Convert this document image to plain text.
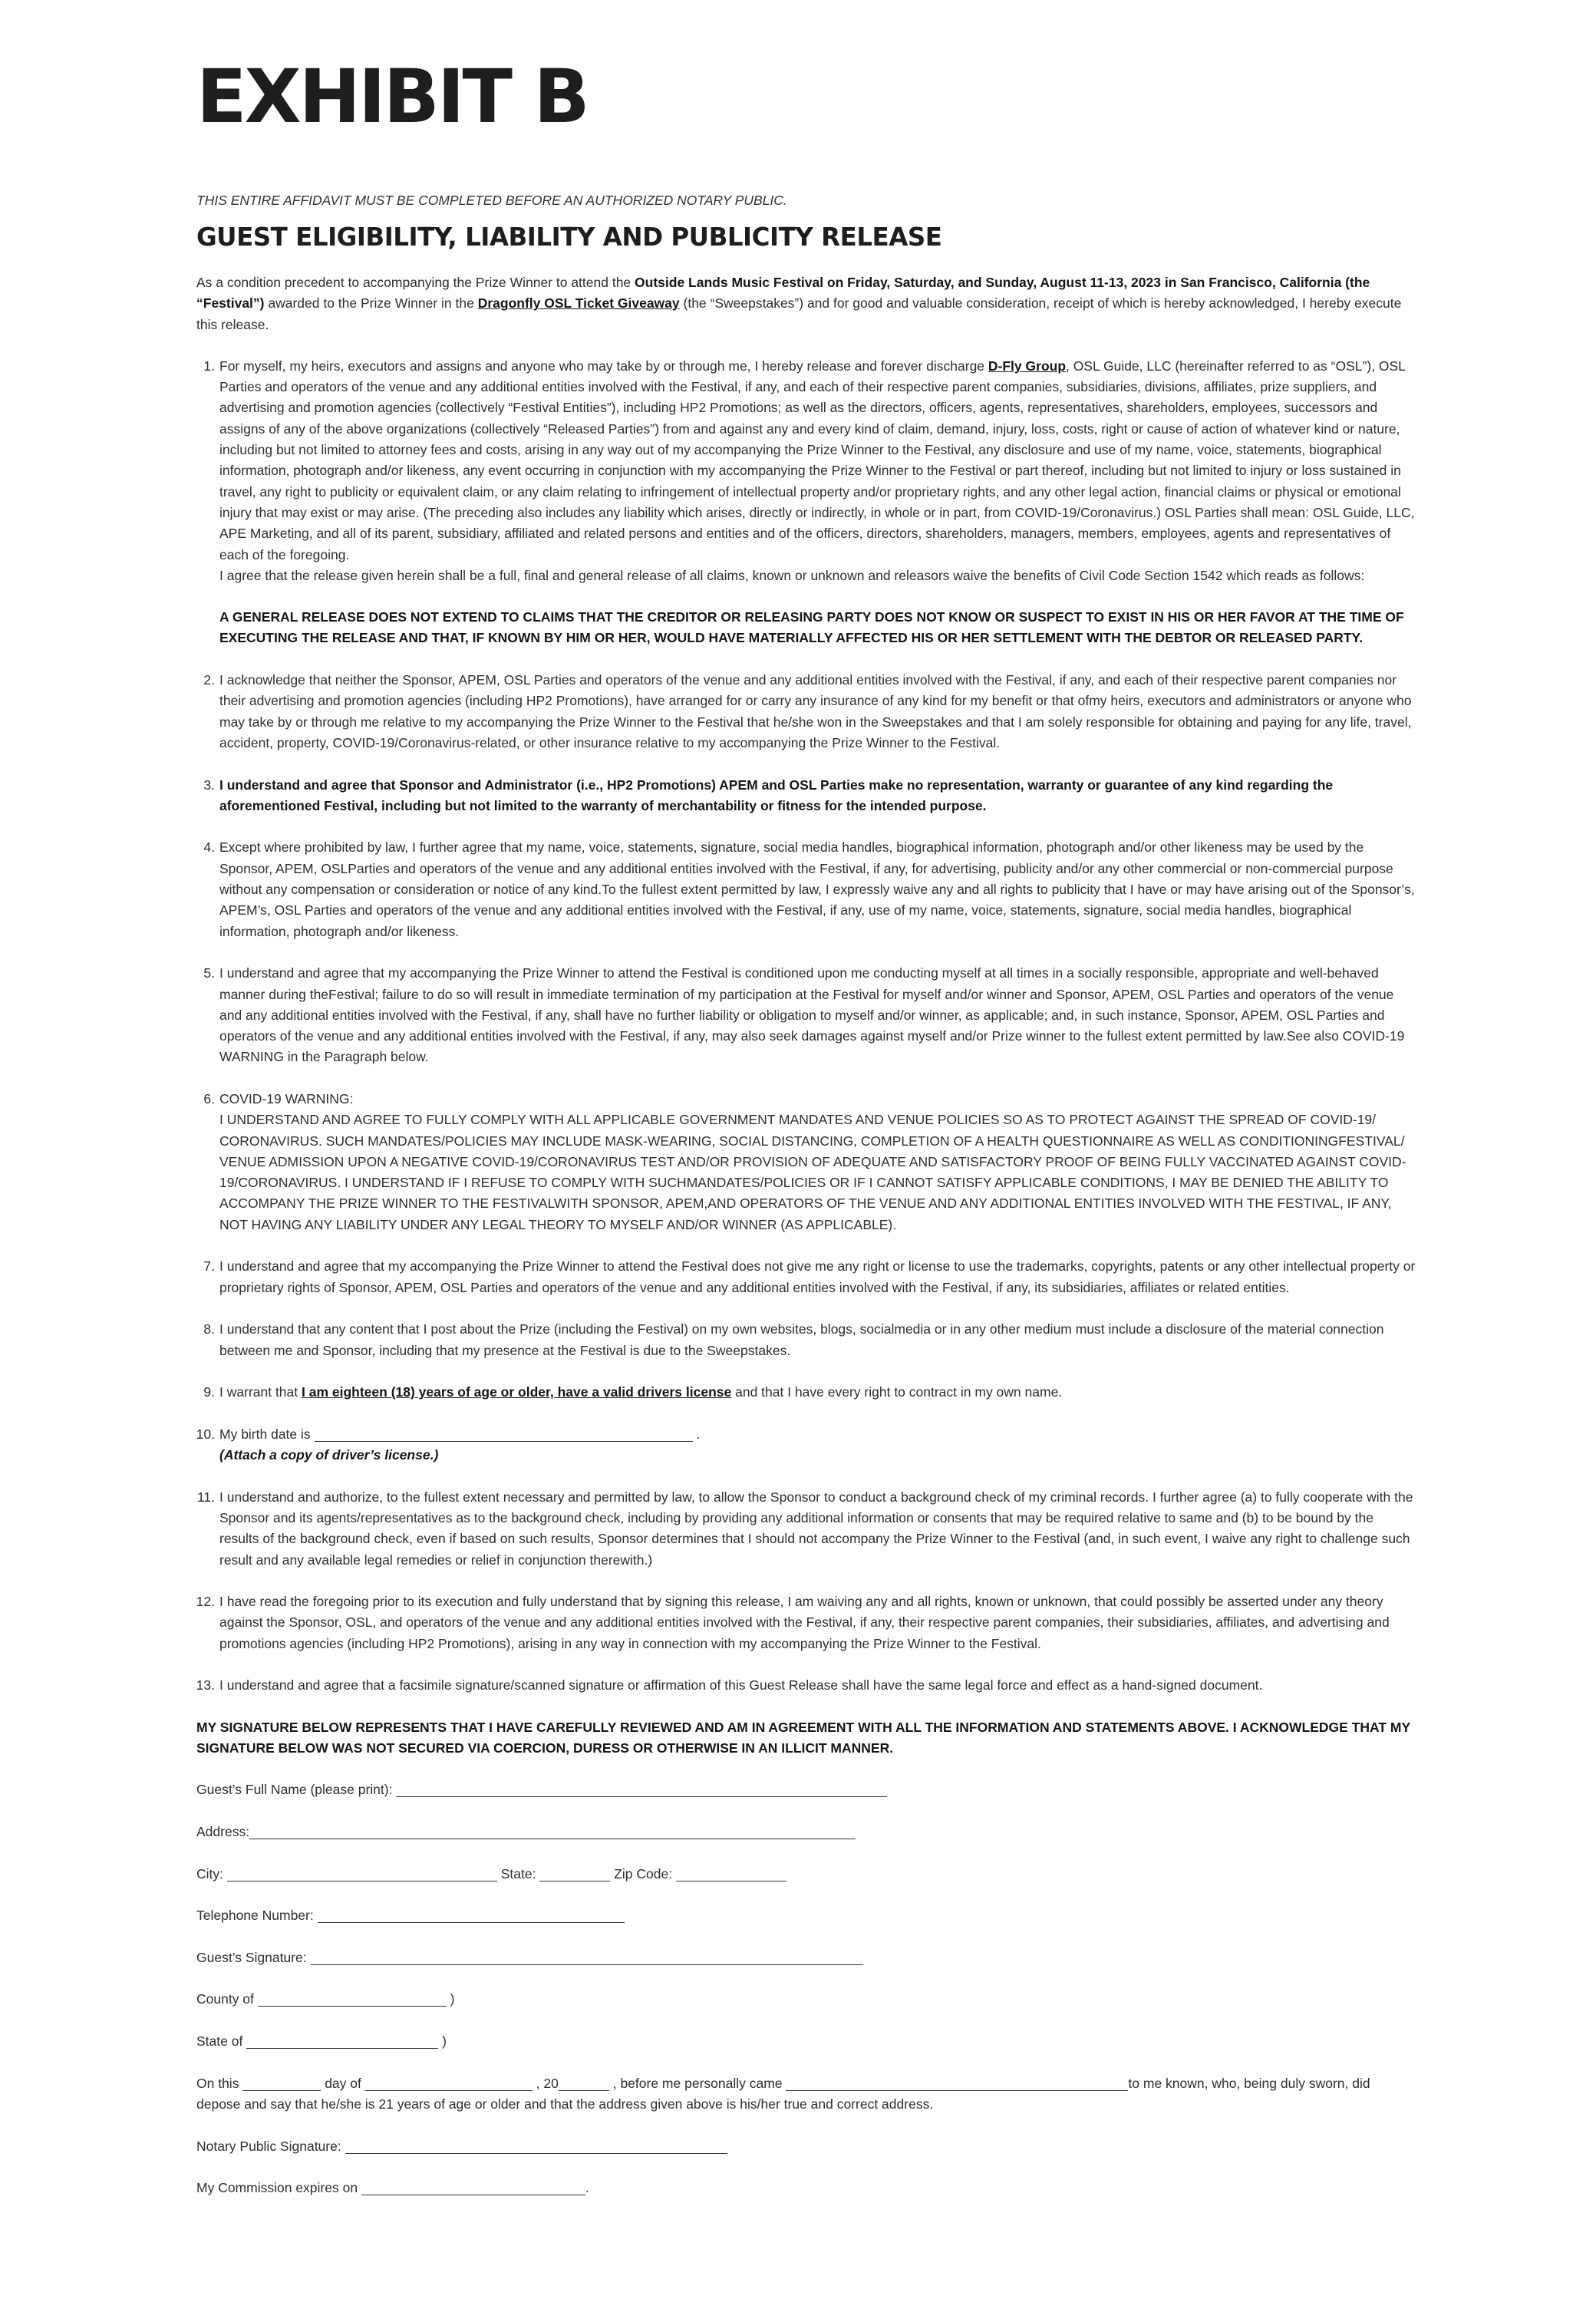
EXHIBIT B
THIS ENTIRE AFFIDAVIT MUST BE COMPLETED BEFORE AN AUTHORIZED NOTARY PUBLIC.
GUEST ELIGIBILITY, LIABILITY AND PUBLICITY RELEASE

As a condition precedent to accompanying the Prize Winner to attend the Outside Lands Music Festival on Friday, Saturday, and Sunday, August 11-13, 2023 in San Francisco, California (the “Festival”) awarded to the Prize Winner in the Dragonfly OSL Ticket Giveaway (the “Sweepstakes”) and for good and valuable consideration, receipt of which is hereby acknowledged, I hereby execute this release.

1. For myself, my heirs, executors and assigns and anyone who may take by or through me, I hereby release and forever discharge D-Fly Group, OSL Guide, LLC (hereinafter referred to as “OSL”), OSL Parties and operators of the venue and any additional entities involved with the Festival, if any, and each of their respective parent companies, subsidiaries, divisions, affiliates, prize suppliers, and advertising and promotion agencies (collectively “Festival Entities”), including HP2 Promotions; as well as the directors, officers, agents, representatives, shareholders, employees, successors and assigns of any of the above organizations (collectively “Released Parties”) from and against any and every kind of claim, demand, injury, loss, costs, right or cause of action of whatever kind or nature, including but not limited to attorney fees and costs, arising in any way out of my accompanying the Prize Winner to the Festival, any disclosure and use of my name, voice, statements, biographical information, photograph and/or likeness, any event occurring in conjunction with my accompanying the Prize Winner to the Festival or part thereof, including but not limited to injury or loss sustained in travel, any right to publicity or equivalent claim, or any claim relating to infringement of intellectual property and/or proprietary rights, and any other legal action, financial claims or physical or emotional injury that may exist or may arise. (The preceding also includes any liability which arises, directly or indirectly, in whole or in part, from COVID-19/Coronavirus.) OSL Parties shall mean: OSL Guide, LLC, APE Marketing, and all of its parent, subsidiary, affiliated and related persons and entities and of the officers, directors, shareholders, managers, members, employees, agents and representatives of each of the foregoing.

I agree that the release given herein shall be a full, final and general release of all claims, known or unknown and releasors waive the benefits of Civil Code Section 1542 which reads as follows:

A GENERAL RELEASE DOES NOT EXTEND TO CLAIMS THAT THE CREDITOR OR RELEASING PARTY DOES NOT KNOW OR SUSPECT TO EXIST IN HIS OR HER FAVOR AT THE TIME OF EXECUTING THE RELEASE AND THAT, IF KNOWN BY HIM OR HER, WOULD HAVE MATERIALLY AFFECTED HIS OR HER SETTLEMENT WITH THE DEBTOR OR RELEASED PARTY.

2. I acknowledge that neither the Sponsor, APEM, OSL Parties and operators of the venue and any additional entities involved with the Festival, if any, and each of their respective parent companies nor their advertising and promotion agencies (including HP2 Promotions), have arranged for or carry any insurance of any kind for my benefit or that ofmy heirs, executors and administrators or anyone who may take by or through me relative to my accompanying the Prize Winner to the Festival that he/she won in the Sweepstakes and that I am solely responsible for obtaining and paying for any life, travel, accident, property, COVID-19/Coronavirus-related, or other insurance relative to my accompanying the Prize Winner to the Festival.

3. I understand and agree that Sponsor and Administrator (i.e., HP2 Promotions) APEM and OSL Parties make no representation, warranty or guarantee of any kind regarding the aforementioned Festival, including but not limited to the warranty of merchantability or fitness for the intended purpose.

4. Except where prohibited by law, I further agree that my name, voice, statements, signature, social media handles, biographical information, photograph and/or other likeness may be used by the Sponsor, APEM, OSLParties and operators of the venue and any additional entities involved with the Festival, if any, for advertising, publicity and/or any other commercial or non-commercial purpose without any compensation or consideration or notice of any kind.To the fullest extent permitted by law, I expressly waive any and all rights to publicity that I have or may have arising out of the Sponsor’s, APEM’s, OSL Parties and operators of the venue and any additional entities involved with the Festival, if any, use of my name, voice, statements, signature, social media handles, biographical information, photograph and/or likeness.

5. I understand and agree that my accompanying the Prize Winner to attend the Festival is conditioned upon me conducting myself at all times in a socially responsible, appropriate and well-behaved manner during theFestival; failure to do so will result in immediate termination of my participation at the Festival for myself and/or winner and Sponsor, APEM, OSL Parties and operators of the venue and any additional entities involved with the Festival, if any, shall have no further liability or obligation to myself and/or winner, as applicable; and, in such instance, Sponsor, APEM, OSL Parties and operators of the venue and any additional entities involved with the Festival, if any, may also seek damages against myself and/or Prize winner to the fullest extent permitted by law.See also COVID-19 WARNING in the Paragraph below.

6. COVID-19 WARNING:

I UNDERSTAND AND AGREE TO FULLY COMPLY WITH ALL APPLICABLE GOVERNMENT MANDATES AND VENUE POLICIES SO AS TO PROTECT AGAINST THE SPREAD OF COVID-19/ CORONAVIRUS. SUCH MANDATES/POLICIES MAY INCLUDE MASK-WEARING, SOCIAL DISTANCING, COMPLETION OF A HEALTH QUESTIONNAIRE AS WELL AS CONDITIONINGFESTIVAL/ VENUE ADMISSION UPON A NEGATIVE COVID-19/CORONAVIRUS TEST AND/OR PROVISION OF ADEQUATE AND SATISFACTORY PROOF OF BEING FULLY VACCINATED AGAINST COVID-19/CORONAVIRUS. I UNDERSTAND IF I REFUSE TO COMPLY WITH SUCHMANDATES/POLICIES OR IF I CANNOT SATISFY APPLICABLE CONDITIONS, I MAY BE DENIED THE ABILITY TO ACCOMPANY THE PRIZE WINNER TO THE FESTIVALWITH SPONSOR, APEM,AND OPERATORS OF THE VENUE AND ANY ADDITIONAL ENTITIES INVOLVED WITH THE FESTIVAL, IF ANY, NOT HAVING ANY LIABILITY UNDER ANY LEGAL THEORY TO MYSELF AND/OR WINNER (AS APPLICABLE).

7. I understand and agree that my accompanying the Prize Winner to attend the Festival does not give me any right or license to use the trademarks, copyrights, patents or any other intellectual property or proprietary rights of Sponsor, APEM, OSL Parties and operators of the venue and any additional entities involved with the Festival, if any, its subsidiaries, affiliates or related entities.

8. I understand that any content that I post about the Prize (including the Festival) on my own websites, blogs, socialmedia or in any other medium must include a disclosure of the material connection between me and Sponsor, including that my presence at the Festival is due to the Sweepstakes.

9. I warrant that I am eighteen (18) years of age or older, have a valid drivers license and that I have every right to contract in my own name.

10. My birth date is	.

(Attach a copy of driver’s license.)

11. I understand and authorize, to the fullest extent necessary and permitted by law, to allow the Sponsor to conduct a background check of my criminal records. I further agree (a) to fully cooperate with the Sponsor and its agents/representatives as to the background check, including by providing any additional information or consents that may be required relative to same and (b) to be bound by the results of the background check, even if based on such results, Sponsor determines that I should not accompany the Prize Winner to the Festival (and, in such event, I waive any right to challenge such result and any available legal remedies or relief in conjunction therewith.)

12. I have read the foregoing prior to its execution and fully understand that by signing this release, I am waiving any and all rights, known or unknown, that could possibly be asserted under any theory against the Sponsor, OSL, and operators of the venue and any additional entities involved with the Festival, if any, their respective parent companies, their subsidiaries, affiliates, and advertising and promotions agencies (including HP2 Promotions), arising in any way in connection with my accompanying the Prize Winner to the Festival.

13. I understand and agree that a facsimile signature/scanned signature or affirmation of this Guest Release shall have the same legal force and effect as a hand-signed document.

MY SIGNATURE BELOW REPRESENTS THAT I HAVE CAREFULLY REVIEWED AND AM IN AGREEMENT WITH ALL THE INFORMATION AND STATEMENTS ABOVE. I ACKNOWLEDGE THAT MY SIGNATURE BELOW WAS NOT SECURED VIA COERCION, DURESS OR OTHERWISE IN AN ILLICIT MANNER.

Guest’s Full Name (please print):

Address:

City:	State:	Zip Code:

Telephone Number:

Guest’s Signature:

County of	)

State of	)

On this	day of	, 20	, before me personally came	to me known, who, being duly sworn, did depose and say that he/she is 21 years of age or older and that the address given above is his/her true and correct address.

Notary Public Signature:

My Commission expires on	.
